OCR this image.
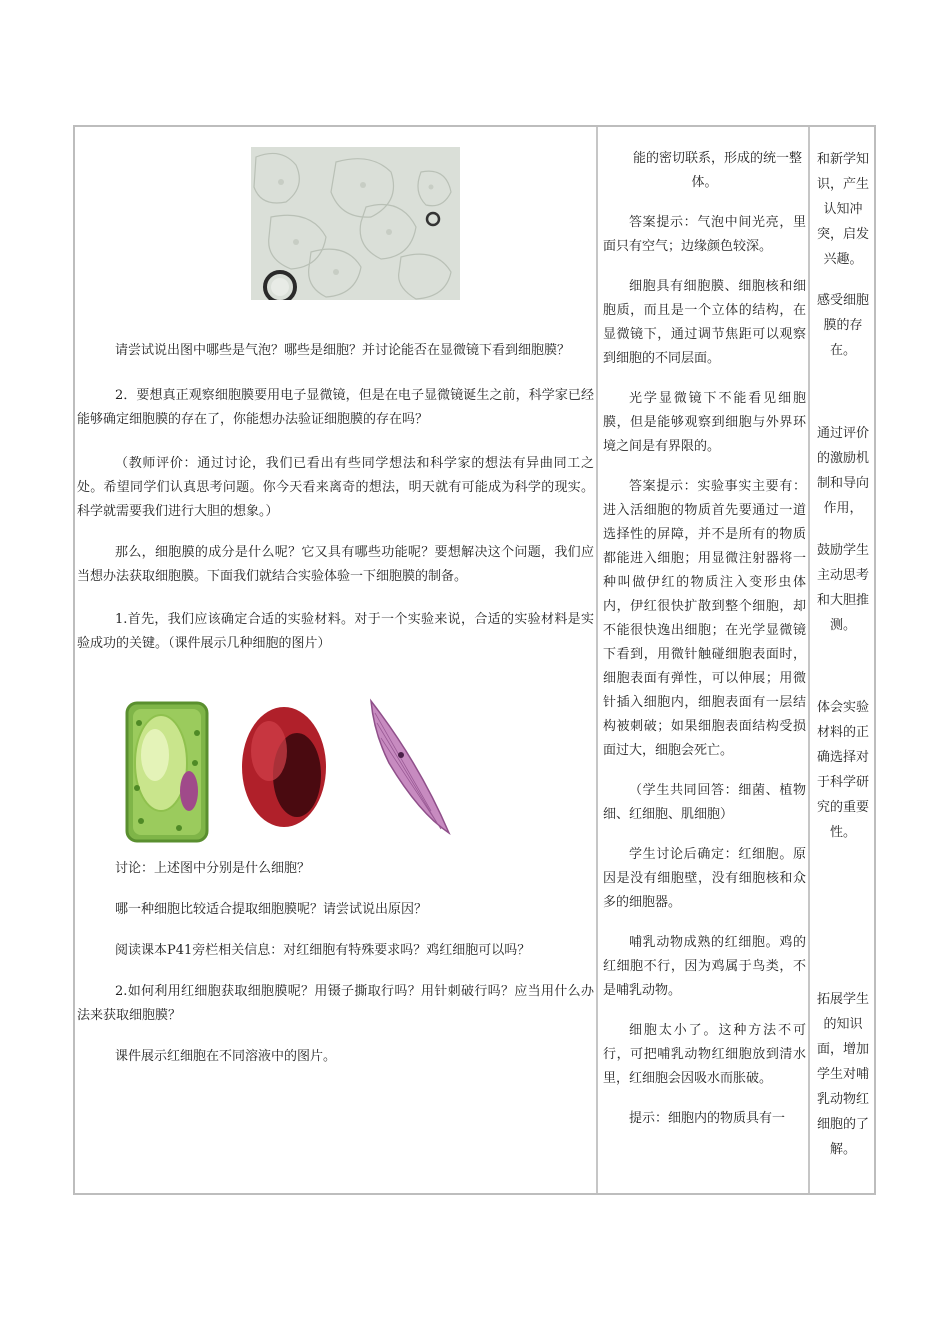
请尝试说出图中哪些是气泡？哪些是细胞？并讨论能否在显微镜下看到细胞膜？

2．要想真正观察细胞膜要用电子显微镜，但是在电子显微镜诞生之前，科学家已经能够确定细胞膜的存在了，你能想办法验证细胞膜的存在吗？

（教师评价：通过讨论，我们已看出有些同学想法和科学家的想法有异曲同工之处。希望同学们认真思考问题。你今天看来离奇的想法，明天就有可能成为科学的现实。科学就需要我们进行大胆的想象。）

那么，细胞膜的成分是什么呢？它又具有哪些功能呢？要想解决这个问题，我们应当想办法获取细胞膜。下面我们就结合实验体验一下细胞膜的制备。

1.首先，我们应该确定合适的实验材料。对于一个实验来说，合适的实验材料是实验成功的关键。（课件展示几种细胞的图片）

讨论：上述图中分别是什么细胞？

哪一种细胞比较适合提取细胞膜呢？请尝试说出原因？

阅读课本P41旁栏相关信息：对红细胞有特殊要求吗？鸡红细胞可以吗？

2.如何利用红细胞获取细胞膜呢？用镊子撕取行吗？用针刺破行吗？应当用什么办法来获取细胞膜？

课件展示红细胞在不同溶液中的图片。

能的密切联系，形成的统一整体。

答案提示：气泡中间光亮，里面只有空气；边缘颜色较深。

细胞具有细胞膜、细胞核和细胞质，而且是一个立体的结构，在显微镜下，通过调节焦距可以观察到细胞的不同层面。

光学显微镜下不能看见细胞膜，但是能够观察到细胞与外界环境之间是有界限的。

答案提示：实验事实主要有：进入活细胞的物质首先要通过一道选择性的屏障，并不是所有的物质都能进入细胞；用显微注射器将一种叫做伊红的物质注入变形虫体内，伊红很快扩散到整个细胞，却不能很快逸出细胞；在光学显微镜下看到，用微针触碰细胞表面时，细胞表面有弹性，可以伸展；用微针插入细胞内，细胞表面有一层结构被刺破；如果细胞表面结构受损面过大，细胞会死亡。

（学生共同回答：细菌、植物细、红细胞、肌细胞）

学生讨论后确定：红细胞。原因是没有细胞壁，没有细胞核和众多的细胞器。

哺乳动物成熟的红细胞。鸡的红细胞不行，因为鸡属于鸟类，不是哺乳动物。

细胞太小了。这种方法不可行，可把哺乳动物红细胞放到清水里，红细胞会因吸水而胀破。

提示：细胞内的物质具有一

和新学知识，产生认知冲突，启发兴趣。

感受细胞膜的存在。

通过评价的激励机制和导向作用，

鼓励学生主动思考和大胆推测。

体会实验材料的正确选择对于科学研究的重要性。

拓展学生的知识面，增加学生对哺乳动物红细胞的了解。
